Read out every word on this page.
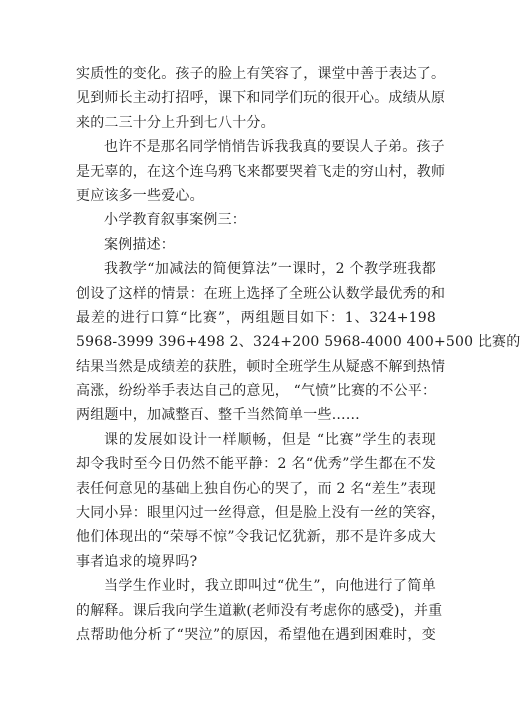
实质性的变化。孩子的脸上有笑容了，课堂中善于表达了。
见到师长主动打招呼，课下和同学们玩的很开心。成绩从原
来的二三十分上升到七八十分。
也许不是那名同学悄悄告诉我我真的要误人子弟。孩子
是无辜的，在这个连乌鸦飞来都要哭着飞走的穷山村，教师
更应该多一些爱心。
小学教育叙事案例三：
案例描述：
我教学“加减法的简便算法”一课时，2 个教学班我都
创设了这样的情景：在班上选择了全班公认数学最优秀的和
最差的进行口算“比赛”，两组题目如下：1、324+198
5968-3999 396+498 2、324+200 5968-4000 400+500 比赛的
结果当然是成绩差的获胜，顿时全班学生从疑惑不解到热情
高涨，纷纷举手表达自己的意见， “气愤”比赛的不公平：
两组题中，加减整百、整千当然简单一些……
课的发展如设计一样顺畅，但是 “比赛”学生的表现
却令我时至今日仍然不能平静：2 名“优秀”学生都在不发
表任何意见的基础上独自伤心的哭了，而 2 名“差生”表现
大同小异：眼里闪过一丝得意，但是脸上没有一丝的笑容，
他们体现出的“荣辱不惊”令我记忆犹新，那不是许多成大
事者追求的境界吗?
当学生作业时，我立即叫过“优生”，向他进行了简单
的解释。课后我向学生道歉(老师没有考虑你的感受)，并重
点帮助他分析了“哭泣”的原因，希望他在遇到困难时，变
